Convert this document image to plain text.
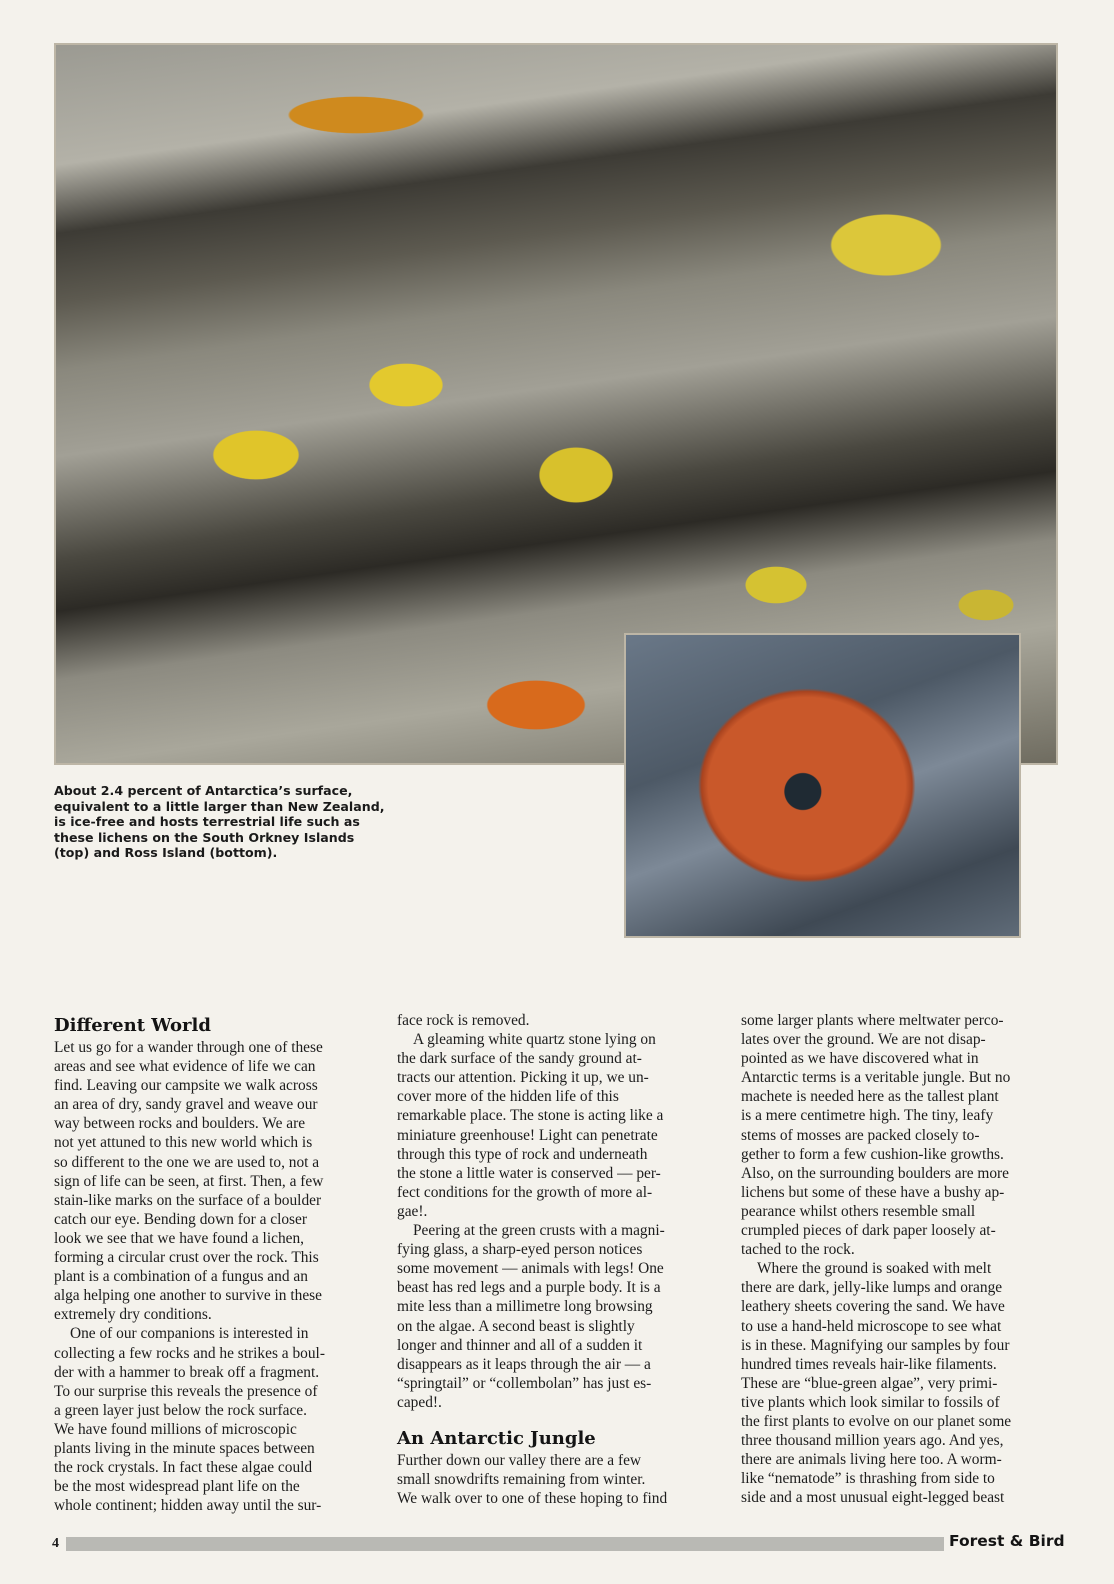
About 2.4 percent of Antarctica’s surface,
equivalent to a little larger than New Zealand,
is ice-free and hosts terrestrial life such as
these lichens on the South Orkney Islands
(top) and Ross Island (bottom).
Different World
Let us go for a wander through one of these
areas and see what evidence of life we can
find. Leaving our campsite we walk across
an area of dry, sandy gravel and weave our
way between rocks and boulders. We are
not yet attuned to this new world which is
so different to the one we are used to, not a
sign of life can be seen, at first. Then, a few
stain-like marks on the surface of a boulder
catch our eye. Bending down for a closer
look we see that we have found a lichen,
forming a circular crust over the rock. This
plant is a combination of a fungus and an
alga helping one another to survive in these
extremely dry conditions.
One of our companions is interested in
collecting a few rocks and he strikes a boul-
der with a hammer to break off a fragment.
To our surprise this reveals the presence of
a green layer just below the rock surface.
We have found millions of microscopic
plants living in the minute spaces between
the rock crystals. In fact these algae could
be the most widespread plant life on the
whole continent; hidden away until the sur-
face rock is removed.
A gleaming white quartz stone lying on
the dark surface of the sandy ground at-
tracts our attention. Picking it up, we un-
cover more of the hidden life of this
remarkable place. The stone is acting like a
miniature greenhouse! Light can penetrate
through this type of rock and underneath
the stone a little water is conserved — per-
fect conditions for the growth of more al-
gae!.
Peering at the green crusts with a magni-
fying glass, a sharp-eyed person notices
some movement — animals with legs! One
beast has red legs and a purple body. It is a
mite less than a millimetre long browsing
on the algae. A second beast is slightly
longer and thinner and all of a sudden it
disappears as it leaps through the air — a
“springtail” or “collembolan” has just es-
caped!.
An Antarctic Jungle
Further down our valley there are a few
small snowdrifts remaining from winter.
We walk over to one of these hoping to find
some larger plants where meltwater perco-
lates over the ground. We are not disap-
pointed as we have discovered what in
Antarctic terms is a veritable jungle. But no
machete is needed here as the tallest plant
is a mere centimetre high. The tiny, leafy
stems of mosses are packed closely to-
gether to form a few cushion-like growths.
Also, on the surrounding boulders are more
lichens but some of these have a bushy ap-
pearance whilst others resemble small
crumpled pieces of dark paper loosely at-
tached to the rock.
Where the ground is soaked with melt
there are dark, jelly-like lumps and orange
leathery sheets covering the sand. We have
to use a hand-held microscope to see what
is in these. Magnifying our samples by four
hundred times reveals hair-like filaments.
These are “blue-green algae”, very primi-
tive plants which look similar to fossils of
the first plants to evolve on our planet some
three thousand million years ago. And yes,
there are animals living here too. A worm-
like “nematode” is thrashing from side to
side and a most unusual eight-legged beast
4	Forest & Bird
